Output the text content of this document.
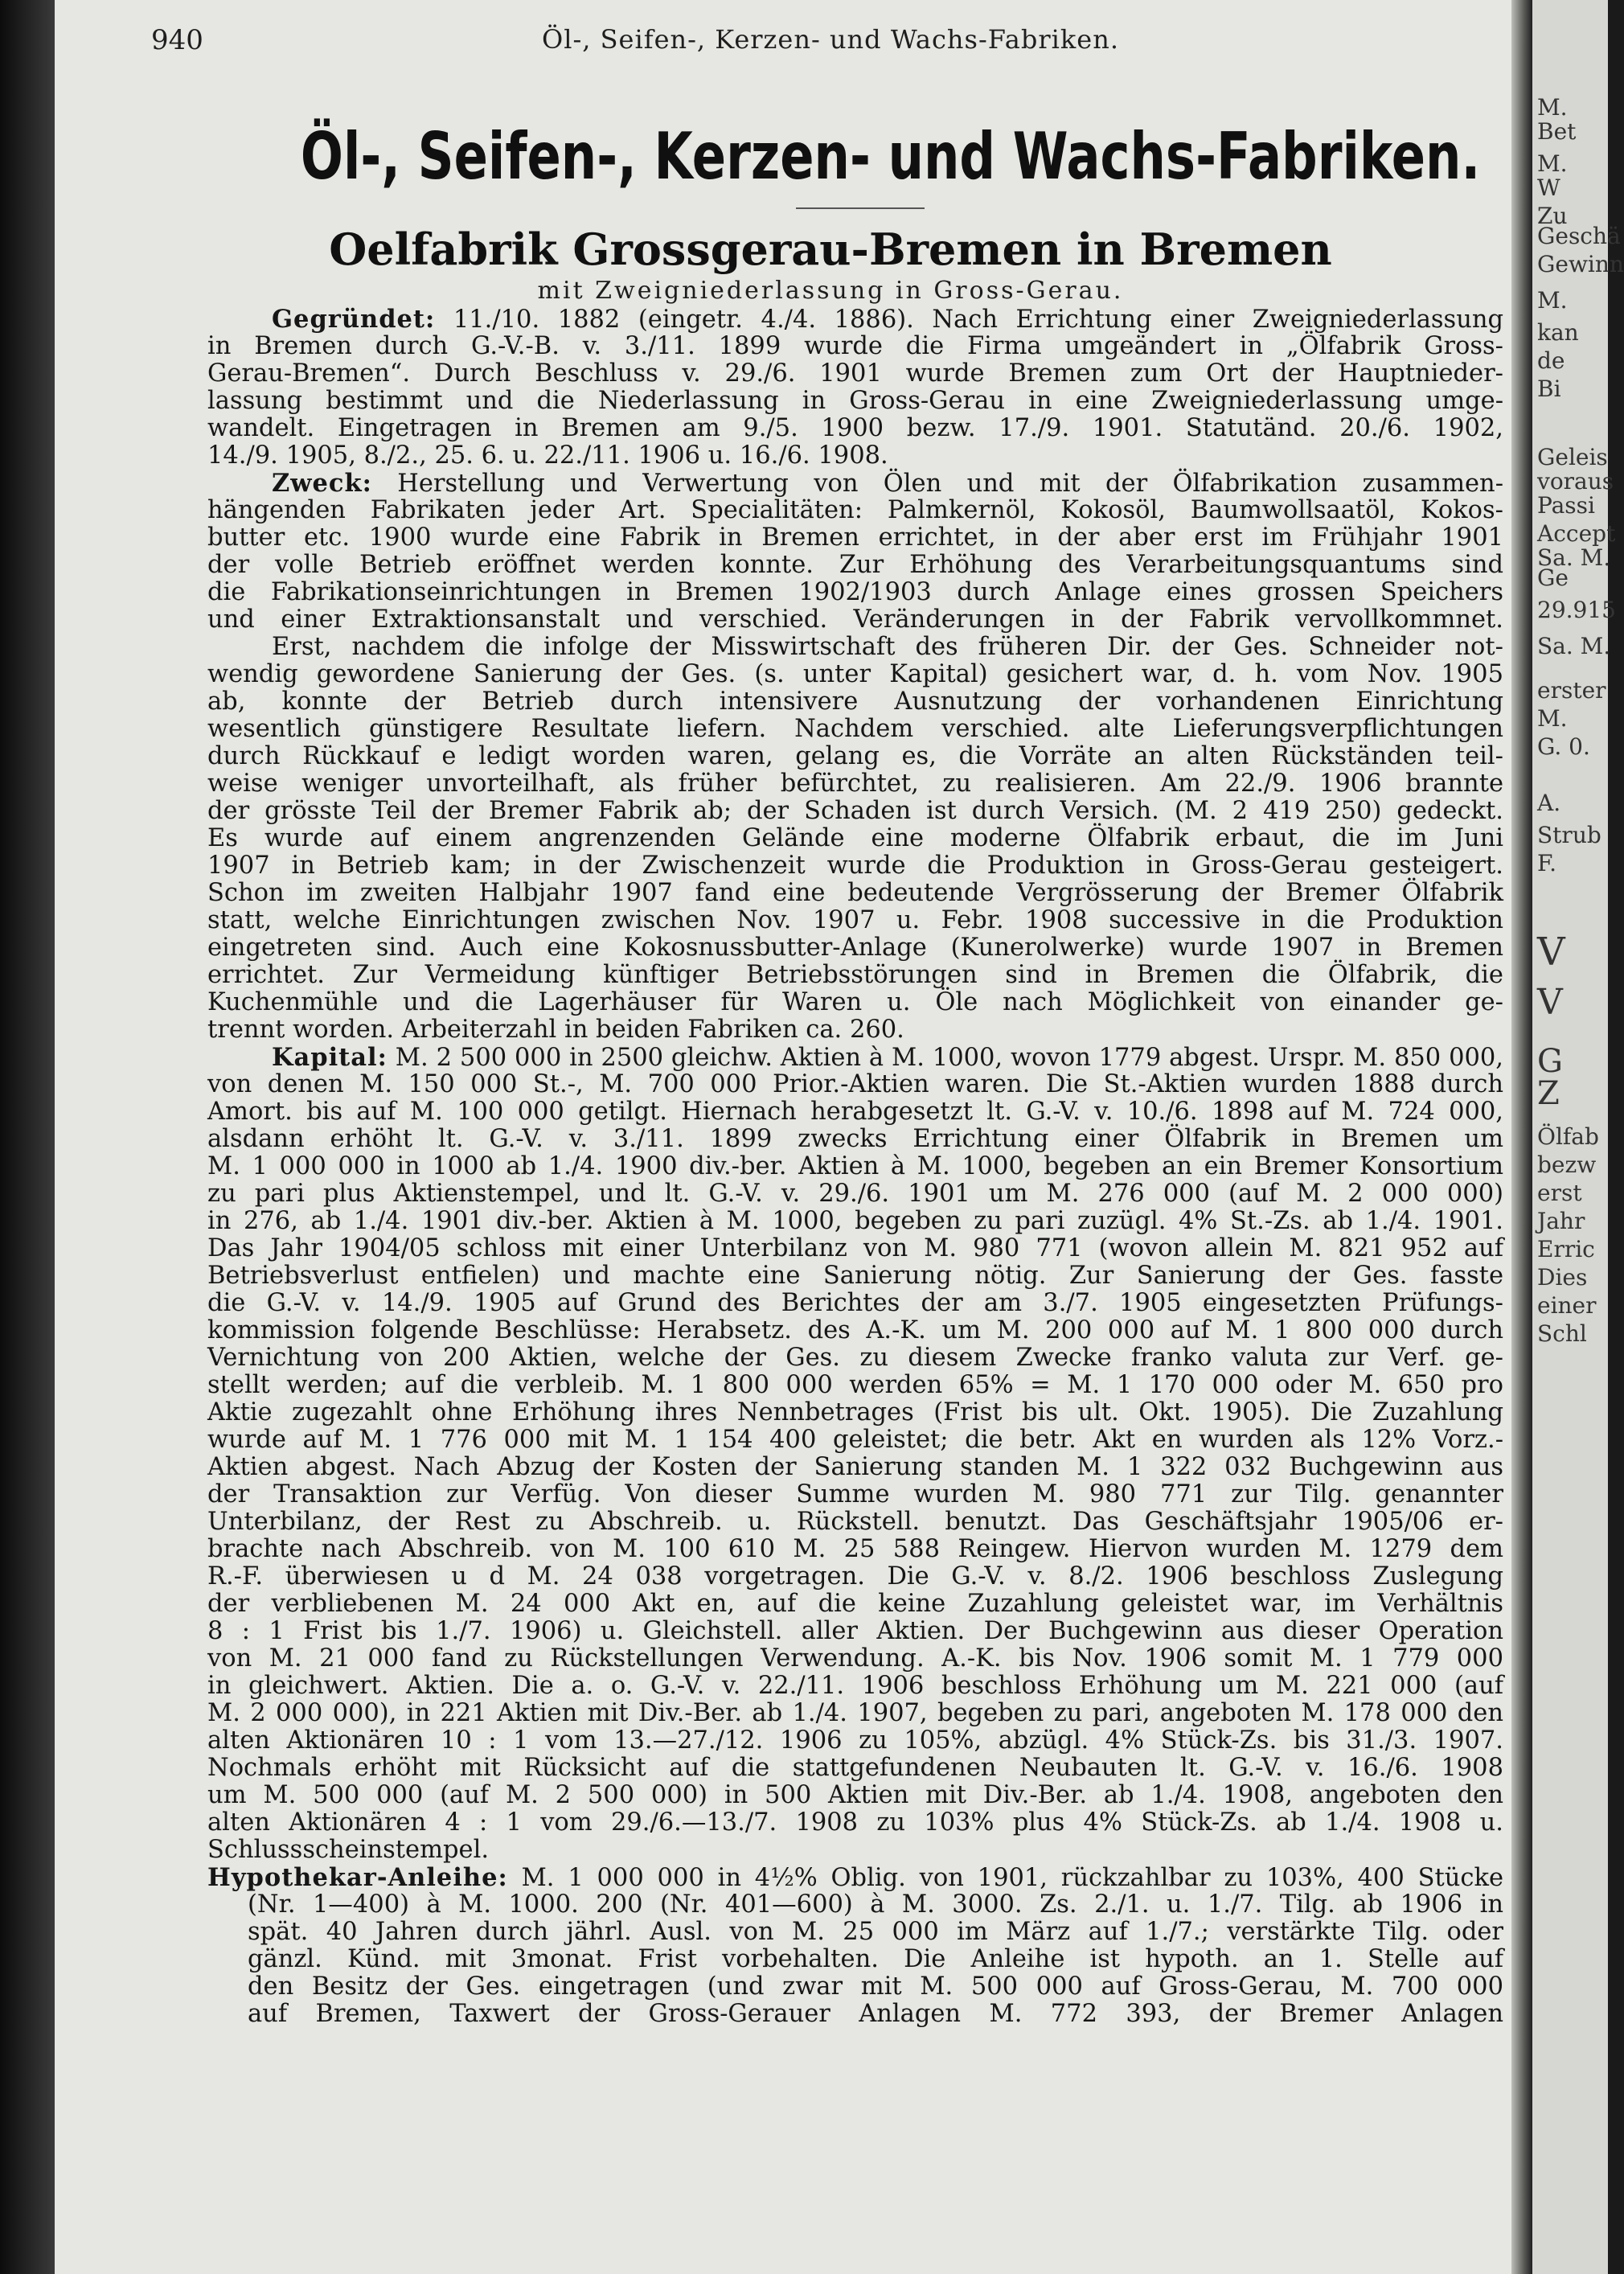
940	Öl-, Seifen-, Kerzen- und Wachs-Fabriken.
Öl-, Seifen-, Kerzen- und Wachs-Fabriken.
Oelfabrik Grossgerau-Bremen in Bremen
mit Zweigniederlassung in Gross-Gerau.
Gegründet: 11./10. 1882 (eingetr. 4./4. 1886). Nach Errichtung einer Zweigniederlassung
in Bremen durch G.-V.-B. v. 3./11. 1899 wurde die Firma umgeändert in „Ölfabrik Gross-
Gerau-Bremen“. Durch Beschluss v. 29./6. 1901 wurde Bremen zum Ort der Hauptnieder-
lassung bestimmt und die Niederlassung in Gross-Gerau in eine Zweigniederlassung umge-
wandelt. Eingetragen in Bremen am 9./5. 1900 bezw. 17./9. 1901. Statutänd. 20./6. 1902,
14./9. 1905, 8./2., 25. 6. u. 22./11. 1906 u. 16./6. 1908.
Zweck: Herstellung und Verwertung von Ölen und mit der Ölfabrikation zusammen-
hängenden Fabrikaten jeder Art. Specialitäten: Palmkernöl, Kokosöl, Baumwollsaatöl, Kokos-
butter etc. 1900 wurde eine Fabrik in Bremen errichtet, in der aber erst im Frühjahr 1901
der volle Betrieb eröffnet werden konnte. Zur Erhöhung des Verarbeitungsquantums sind
die Fabrikationseinrichtungen in Bremen 1902/1903 durch Anlage eines grossen Speichers
und einer Extraktionsanstalt und verschied. Veränderungen in der Fabrik vervollkommnet.
Erst, nachdem die infolge der Misswirtschaft des früheren Dir. der Ges. Schneider not-
wendig gewordene Sanierung der Ges. (s. unter Kapital) gesichert war, d. h. vom Nov. 1905
ab, konnte der Betrieb durch intensivere Ausnutzung der vorhandenen Einrichtung
wesentlich günstigere Resultate liefern. Nachdem verschied. alte Lieferungsverpflichtungen
durch Rückkauf e ledigt worden waren, gelang es, die Vorräte an alten Rückständen teil-
weise weniger unvorteilhaft, als früher befürchtet, zu realisieren. Am 22./9. 1906 brannte
der grösste Teil der Bremer Fabrik ab; der Schaden ist durch Versich. (M. 2 419 250) gedeckt.
Es wurde auf einem angrenzenden Gelände eine moderne Ölfabrik erbaut, die im Juni
1907 in Betrieb kam; in der Zwischenzeit wurde die Produktion in Gross-Gerau gesteigert.
Schon im zweiten Halbjahr 1907 fand eine bedeutende Vergrösserung der Bremer Ölfabrik
statt, welche Einrichtungen zwischen Nov. 1907 u. Febr. 1908 successive in die Produktion
eingetreten sind. Auch eine Kokosnussbutter-Anlage (Kunerolwerke) wurde 1907 in Bremen
errichtet. Zur Vermeidung künftiger Betriebsstörungen sind in Bremen die Ölfabrik, die
Kuchenmühle und die Lagerhäuser für Waren u. Öle nach Möglichkeit von einander ge-
trennt worden. Arbeiterzahl in beiden Fabriken ca. 260.
Kapital: M. 2 500 000 in 2500 gleichw. Aktien à M. 1000, wovon 1779 abgest. Urspr. M. 850 000,
von denen M. 150 000 St.-, M. 700 000 Prior.-Aktien waren. Die St.-Aktien wurden 1888 durch
Amort. bis auf M. 100 000 getilgt. Hiernach herabgesetzt lt. G.-V. v. 10./6. 1898 auf M. 724 000,
alsdann erhöht lt. G.-V. v. 3./11. 1899 zwecks Errichtung einer Ölfabrik in Bremen um
M. 1 000 000 in 1000 ab 1./4. 1900 div.-ber. Aktien à M. 1000, begeben an ein Bremer Konsortium
zu pari plus Aktienstempel, und lt. G.-V. v. 29./6. 1901 um M. 276 000 (auf M. 2 000 000)
in 276, ab 1./4. 1901 div.-ber. Aktien à M. 1000, begeben zu pari zuzügl. 4% St.-Zs. ab 1./4. 1901.
Das Jahr 1904/05 schloss mit einer Unterbilanz von M. 980 771 (wovon allein M. 821 952 auf
Betriebsverlust entfielen) und machte eine Sanierung nötig. Zur Sanierung der Ges. fasste
die G.-V. v. 14./9. 1905 auf Grund des Berichtes der am 3./7. 1905 eingesetzten Prüfungs-
kommission folgende Beschlüsse: Herabsetz. des A.-K. um M. 200 000 auf M. 1 800 000 durch
Vernichtung von 200 Aktien, welche der Ges. zu diesem Zwecke franko valuta zur Verf. ge-
stellt werden; auf die verbleib. M. 1 800 000 werden 65% = M. 1 170 000 oder M. 650 pro
Aktie zugezahlt ohne Erhöhung ihres Nennbetrages (Frist bis ult. Okt. 1905). Die Zuzahlung
wurde auf M. 1 776 000 mit M. 1 154 400 geleistet; die betr. Akt en wurden als 12% Vorz.-
Aktien abgest. Nach Abzug der Kosten der Sanierung standen M. 1 322 032 Buchgewinn aus
der Transaktion zur Verfüg. Von dieser Summe wurden M. 980 771 zur Tilg. genannter
Unterbilanz, der Rest zu Abschreib. u. Rückstell. benutzt. Das Geschäftsjahr 1905/06 er-
brachte nach Abschreib. von M. 100 610 M. 25 588 Reingew. Hiervon wurden M. 1279 dem
R.-F. überwiesen u d M. 24 038 vorgetragen. Die G.-V. v. 8./2. 1906 beschloss Zuslegung
der verbliebenen M. 24 000 Akt en, auf die keine Zuzahlung geleistet war, im Verhältnis
8 : 1 Frist bis 1./7. 1906) u. Gleichstell. aller Aktien. Der Buchgewinn aus dieser Operation
von M. 21 000 fand zu Rückstellungen Verwendung. A.-K. bis Nov. 1906 somit M. 1 779 000
in gleichwert. Aktien. Die a. o. G.-V. v. 22./11. 1906 beschloss Erhöhung um M. 221 000 (auf
M. 2 000 000), in 221 Aktien mit Div.-Ber. ab 1./4. 1907, begeben zu pari, angeboten M. 178 000 den
alten Aktionären 10 : 1 vom 13.—27./12. 1906 zu 105%, abzügl. 4% Stück-Zs. bis 31./3. 1907.
Nochmals erhöht mit Rücksicht auf die stattgefundenen Neubauten lt. G.-V. v. 16./6. 1908
um M. 500 000 (auf M. 2 500 000) in 500 Aktien mit Div.-Ber. ab 1./4. 1908, angeboten den
alten Aktionären 4 : 1 vom 29./6.—13./7. 1908 zu 103% plus 4% Stück-Zs. ab 1./4. 1908 u.
Schlussscheinstempel.
Hypothekar-Anleihe: M. 1 000 000 in 4½% Oblig. von 1901, rückzahlbar zu 103%, 400 Stücke
(Nr. 1—400) à M. 1000. 200 (Nr. 401—600) à M. 3000. Zs. 2./1. u. 1./7. Tilg. ab 1906 in
spät. 40 Jahren durch jährl. Ausl. von M. 25 000 im März auf 1./7.; verstärkte Tilg. oder
gänzl. Künd. mit 3monat. Frist vorbehalten. Die Anleihe ist hypoth. an 1. Stelle auf
den Besitz der Ges. eingetragen (und zwar mit M. 500 000 auf Gross-Gerau, M. 700 000
auf Bremen, Taxwert der Gross-Gerauer Anlagen M. 772 393, der Bremer Anlagen
M.
Bet
M.
W
Zu
Geschä
Gewinn
M.
kan
de
Bi
Geleis
voraus
Passi
Accept
Sa. M.
Ge
29.915
Sa. M.
erster
M.
G. 0.
A.
Strub
F.
V
V
G
Z
Ölfab
bezw
erst
Jahr
Erric
Dies
einer
Schl
